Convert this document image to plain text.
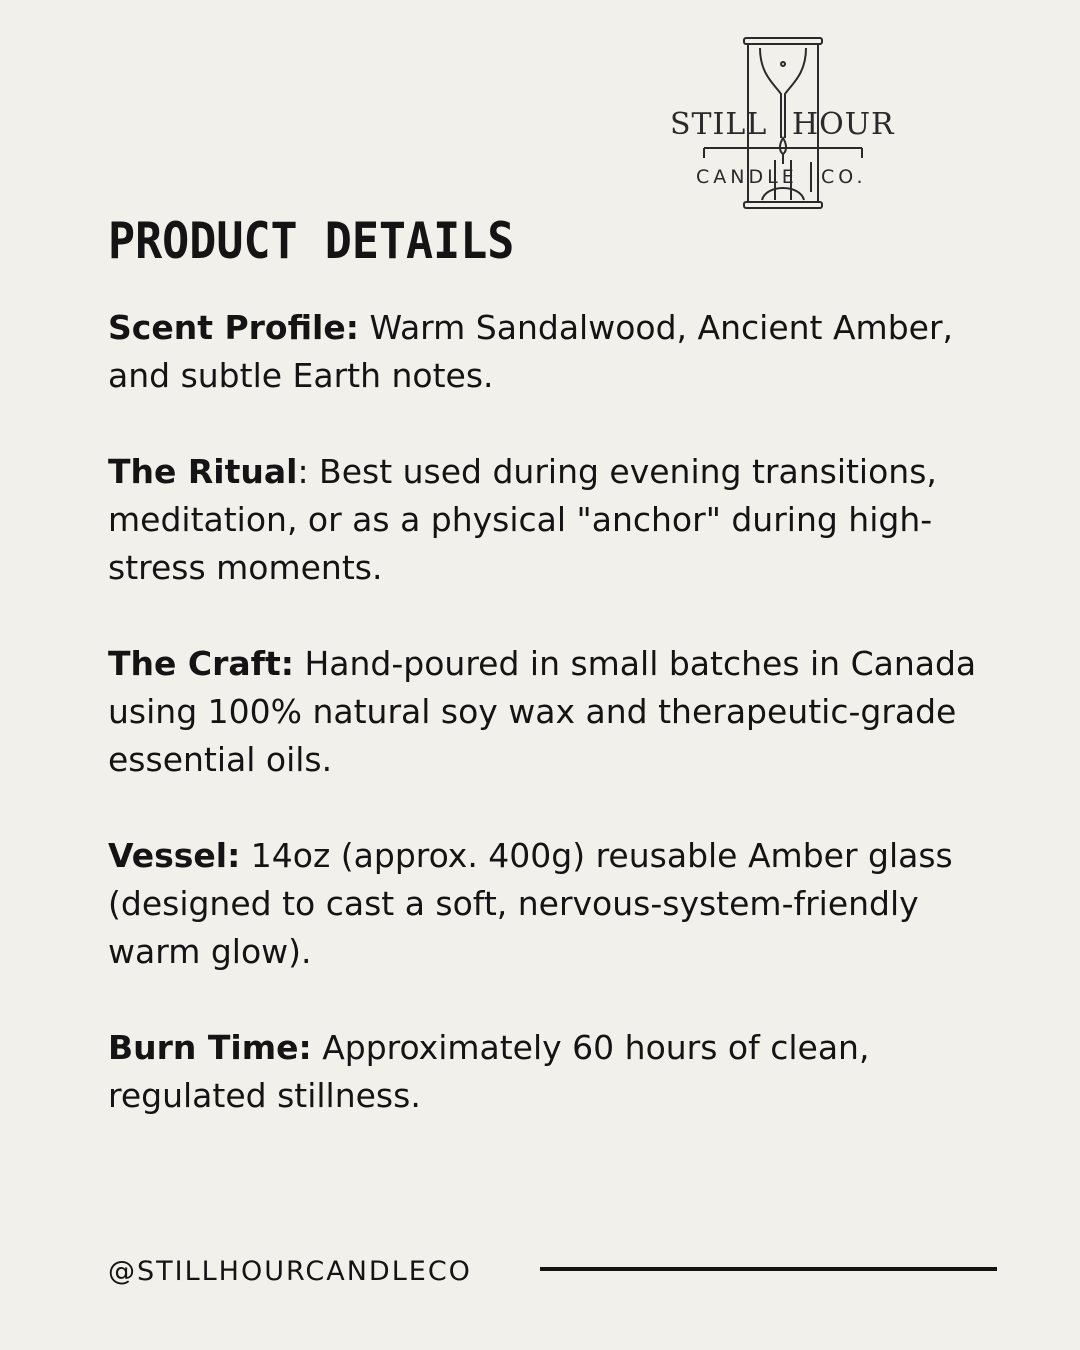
STILL HOUR
CANDLE CO.
PRODUCT DETAILS

Scent Profile: Warm Sandalwood, Ancient Amber, and subtle Earth notes.

The Ritual: Best used during evening transitions, meditation, or as a physical "anchor" during high-stress moments.

The Craft: Hand-poured in small batches in Canada using 100% natural soy wax and therapeutic-grade essential oils.

Vessel: 14oz (approx. 400g) reusable Amber glass (designed to cast a soft, nervous-system-friendly warm glow).

Burn Time: Approximately 60 hours of clean, regulated stillness.

@STILLHOURCANDLECO
